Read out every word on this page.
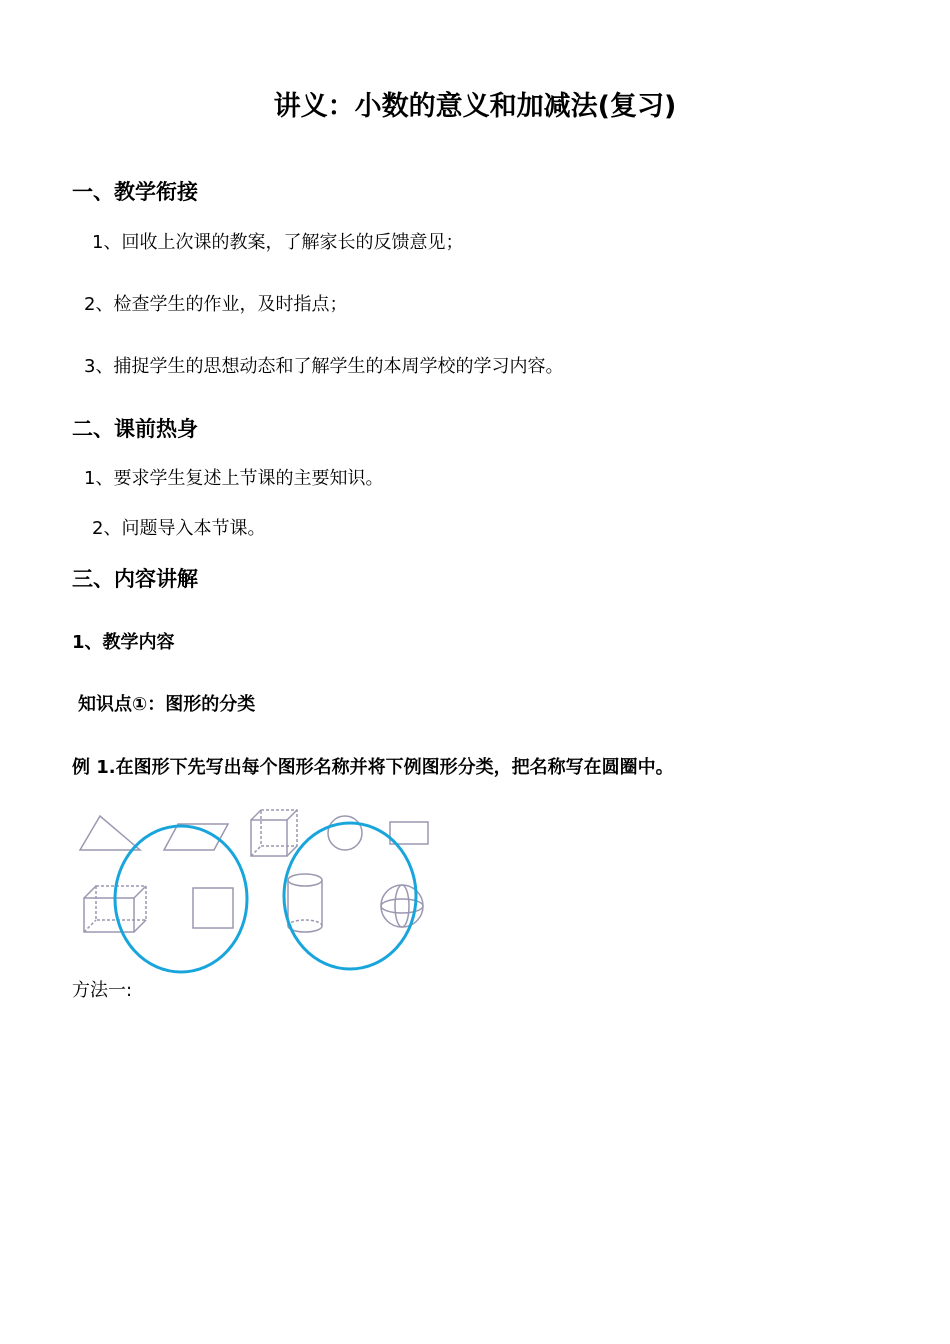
讲义：小数的意义和加减法(复习)
一、教学衔接
1、回收上次课的教案，了解家长的反馈意见；
2、检查学生的作业，及时指点；
3、捕捉学生的思想动态和了解学生的本周学校的学习内容。
二、课前热身
1、要求学生复述上节课的主要知识。
2、问题导入本节课。
三、内容讲解
1、教学内容
知识点①：图形的分类
例 1.在图形下先写出每个图形名称并将下例图形分类，把名称写在圆圈中。
方法一:
